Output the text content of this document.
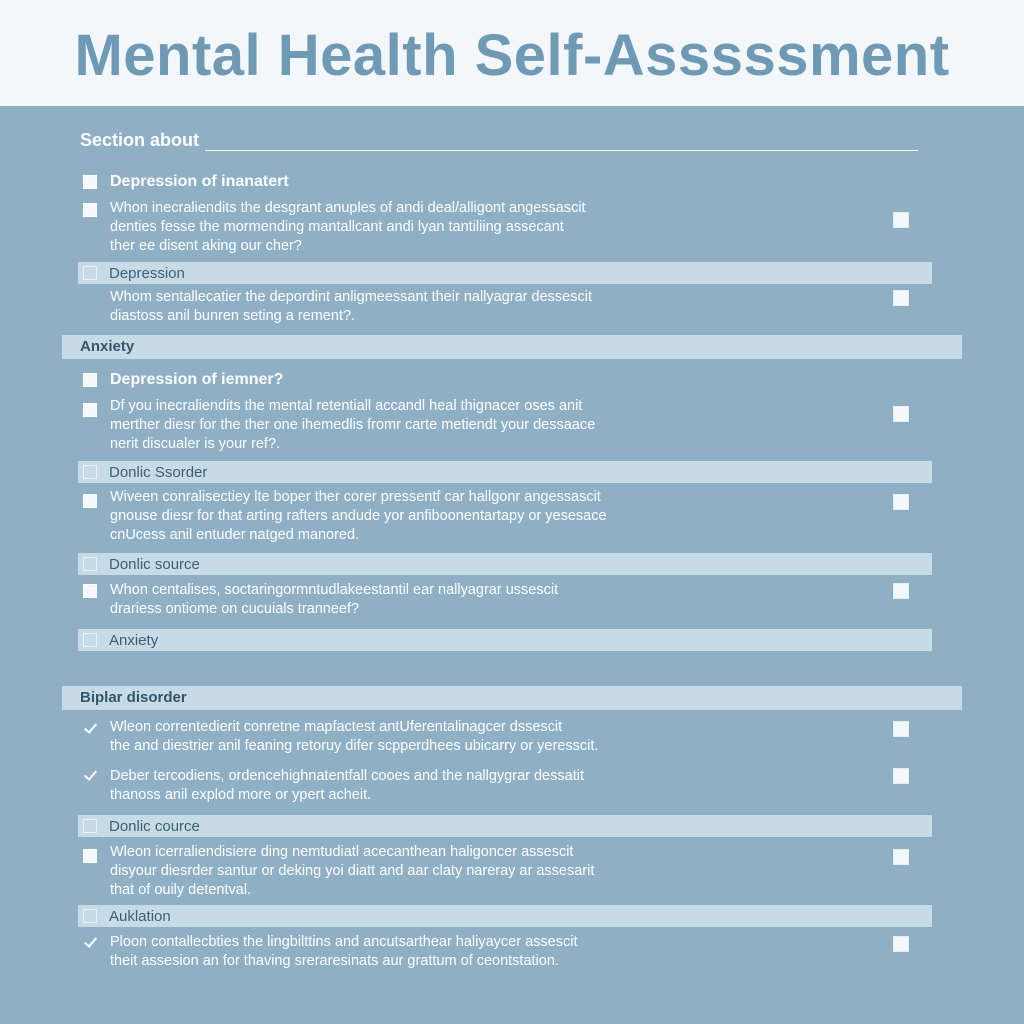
Mental Health Self-Asssssment
Section about
Depression of inanatert
Whon inecraliendits the desgrant anuples of andi deal/alligont angessascit
denties fesse the mormending mantallcant andi lyan tantiliing assecant
ther ee disent aking our cher?
Depression
Whom sentallecatier the depordint anligmeessant their nallyagrar dessescit
diastoss anil bunren seting a rement?.
Anxiety
Depression of iemner?
Df you inecraliendits the mental retentiall accandl heal thignacer oses anit
merther diesr for the ther one ihemedlis fromr carte metiendt your dessaace
nerit discualer is your ref?.
Donlic Ssorder
Wiveen conralisectiey lte boper ther corer pressentf car hallgonr angessascit
gnouse diesr for that arting rafters andude yor anfiboonentartapy or yesesace
cnUcess anil entuder natged manored.
Donlic source
Whon centalises, soctaringormntudlakeestantil ear nallyagrar ussescit
drariess ontiome on cucuials tranneef?
Anxiety
Biplar disorder
Wleon correntedierit conretne mapfactest antUferentalinagcer dssescit
the and diestrier anil feaning retoruy difer scpperdhees ubicarry or yeresscit.
Deber tercodiens, ordencehighnatentfall cooes and the nallgygrar dessatit
thanoss anil explod more or ypert acheit.
Donlic cource
Wleon icerraliendisiere ding nemtudiatl acecanthean haligoncer assescit
disyour diesrder santur or deking yoi diatt and aar claty nareray ar assesarit
that of ouily detentval.
Auklation
Ploon contallecbties the lingbilttins and ancutsarthear haliyaycer assescit
theit assesion an for thaving sreraresinats aur grattum of ceontstation.
